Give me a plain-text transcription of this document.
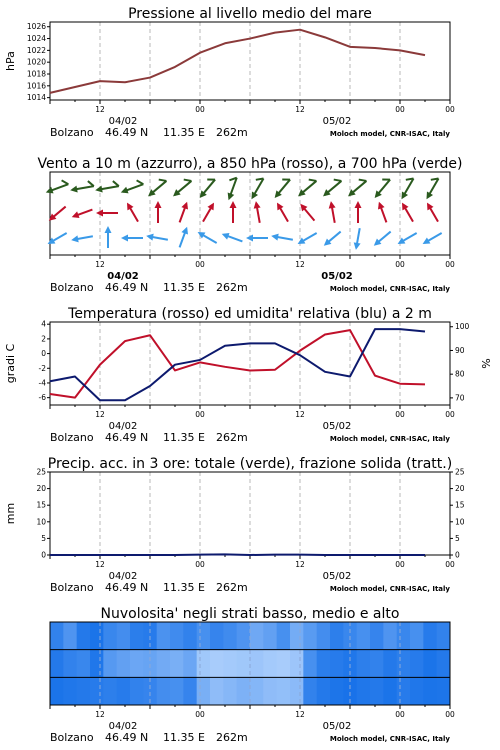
Pressione al livello medio del mare
12	00	12	00	00
04/02	05/02
Bolzano 46.49 N 11.35 E 262m	Moloch model, CNR-ISAC, Italy
1014
1016
1018
1020
1022
1024
1026
hPa
Vento a 10 m (azzurro), a 850 hPa (rosso), a 700 hPa (verde)
12	00	12	00	00
04/02	05/02
Bolzano 46.49 N 11.35 E 262m	Moloch model, CNR-ISAC, Italy
Temperatura (rosso) ed umidita' relativa (blu) a 2 m
12	00	12	00	00
04/02	05/02
Bolzano 46.49 N 11.35 E 262m	Moloch model, CNR-ISAC, Italy
-6
-4
-2
0
2
4
70
80
90
100
gradi C	%
Precip. acc. in 3 ore: totale (verde), frazione solida (tratt.)
12	00	12	00	00
04/02	05/02
Bolzano 46.49 N 11.35 E 262m	Moloch model, CNR-ISAC, Italy
0
5
10
15
20
25
0
5
10
15
20
25
mm
Nuvolosita' negli strati basso, medio e alto
12	00	12	00	00
04/02	05/02
Bolzano 46.49 N 11.35 E 262m	Moloch model, CNR-ISAC, Italy
